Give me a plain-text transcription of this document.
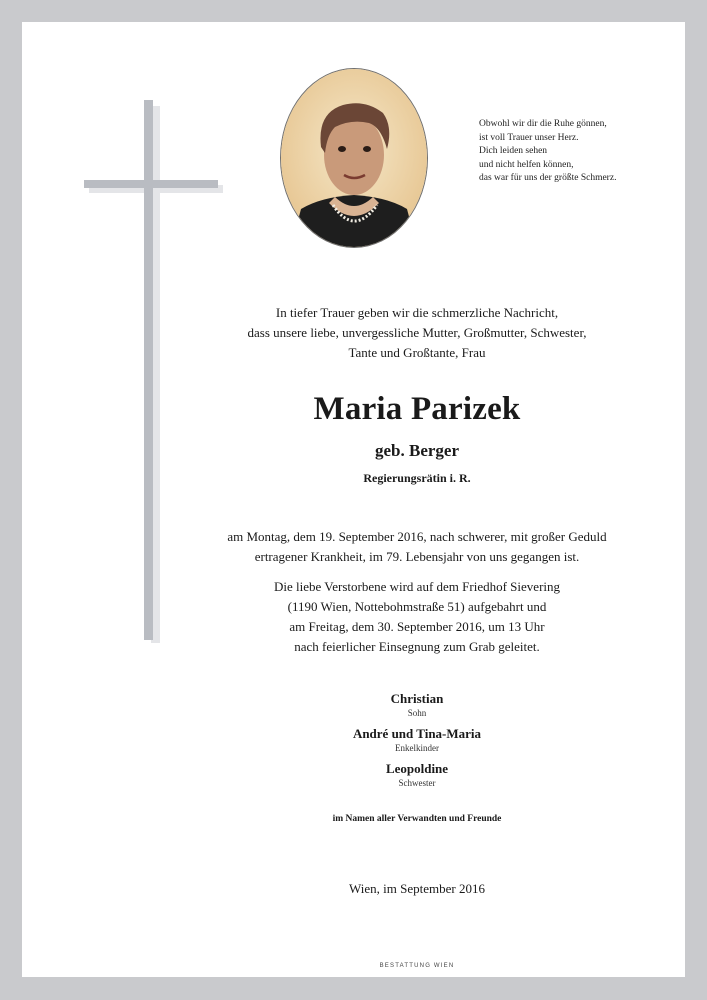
Obwohl wir dir die Ruhe gönnen,
ist voll Trauer unser Herz.
Dich leiden sehen
und nicht helfen können,
das war für uns der größte Schmerz.
In tiefer Trauer geben wir die schmerzliche Nachricht,
dass unsere liebe, unvergessliche Mutter, Großmutter, Schwester,
Tante und Großtante, Frau
Maria Parizek
geb. Berger
Regierungsrätin i. R.
am Montag, dem 19. September 2016, nach schwerer, mit großer Geduld
ertragener Krankheit, im 79. Lebensjahr von uns gegangen ist.
Die liebe Verstorbene wird auf dem Friedhof Sievering
(1190 Wien, Nottebohmstraße 51) aufgebahrt und
am Freitag, dem 30. September 2016, um 13 Uhr
nach feierlicher Einsegnung zum Grab geleitet.
Christian
Sohn
André und Tina-Maria
Enkelkinder
Leopoldine
Schwester
im Namen aller Verwandten und Freunde
Wien, im September 2016
BESTATTUNG WIEN
